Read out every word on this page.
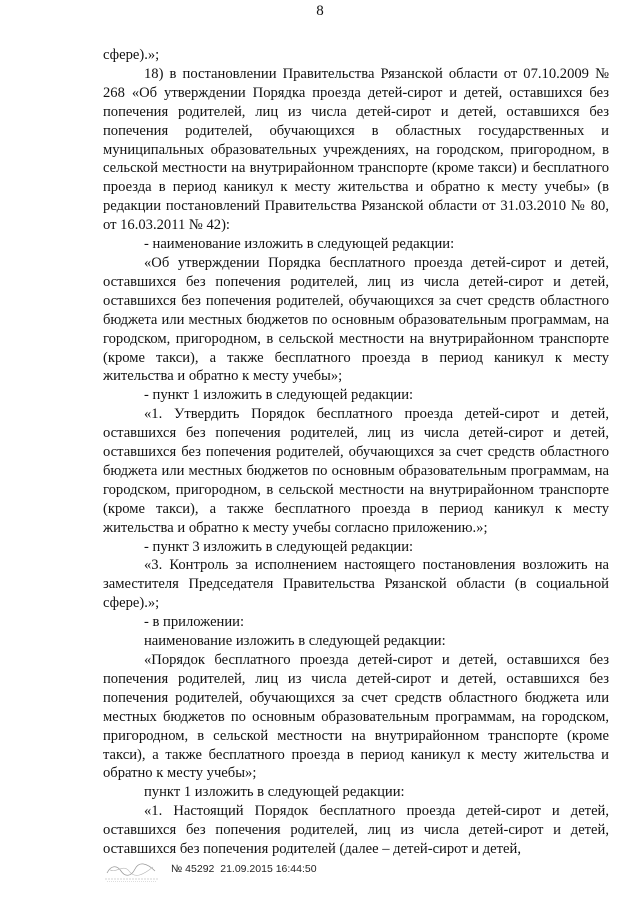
8

сфере).»;

18) в постановлении Правительства Рязанской области от 07.10.2009 № 268 «Об утверждении Порядка проезда детей-сирот и детей, оставшихся без попечения родителей, лиц из числа детей-сирот и детей, оставшихся без попечения родителей, обучающихся в областных государственных и муниципальных образовательных учреждениях, на городском, пригородном, в сельской местности на внутрирайонном транспорте (кроме такси) и бесплатного проезда в период каникул к месту жительства и обратно к месту учебы» (в редакции постановлений Правительства Рязанской области от 31.03.2010 № 80, от 16.03.2011 № 42):

- наименование изложить в следующей редакции:

«Об утверждении Порядка бесплатного проезда детей-сирот и детей, оставшихся без попечения родителей, лиц из числа детей-сирот и детей, оставшихся без попечения родителей, обучающихся за счет средств областного бюджета или местных бюджетов по основным образовательным программам, на городском, пригородном, в сельской местности на внутрирайонном транспорте (кроме такси), а также бесплатного проезда в период каникул к месту жительства и обратно к месту учебы»;

- пункт 1 изложить в следующей редакции:

«1. Утвердить Порядок бесплатного проезда детей-сирот и детей, оставшихся без попечения родителей, лиц из числа детей-сирот и детей, оставшихся без попечения родителей, обучающихся за счет средств областного бюджета или местных бюджетов по основным образовательным программам, на городском, пригородном, в сельской местности на внутрирайонном транспорте (кроме такси), а также бесплатного проезда в период каникул к месту жительства и обратно к месту учебы согласно приложению.»;

- пункт 3 изложить в следующей редакции:

«3. Контроль за исполнением настоящего постановления возложить на заместителя Председателя Правительства Рязанской области (в социальной сфере).»;

- в приложении:

наименование изложить в следующей редакции:

«Порядок бесплатного проезда детей-сирот и детей, оставшихся без попечения родителей, лиц из числа детей-сирот и детей, оставшихся без попечения родителей, обучающихся за счет средств областного бюджета или местных бюджетов по основным образовательным программам, на городском, пригородном, в сельской местности на внутрирайонном транспорте (кроме такси), а также бесплатного проезда в период каникул к месту жительства и обратно к месту учебы»;

пункт 1 изложить в следующей редакции:

«1. Настоящий Порядок бесплатного проезда детей-сирот и детей, оставшихся без попечения родителей, лиц из числа детей-сирот и детей, оставшихся без попечения родителей (далее – детей-сирот и детей,

№ 45292 21.09.2015 16:44:50
